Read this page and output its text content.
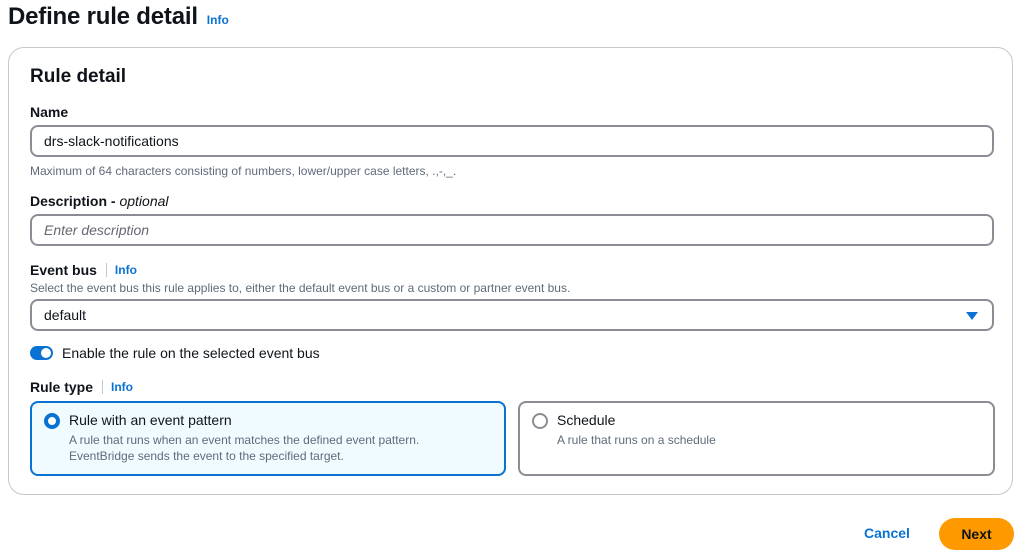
Define rule detail Info
Rule detail
Name
drs-slack-notifications
Maximum of 64 characters consisting of numbers, lower/upper case letters, .,-,_.
Description - optional
Enter description
Event bus Info
Select the event bus this rule applies to, either the default event bus or a custom or partner event bus.
default
Enable the rule on the selected event bus
Rule type Info
Rule with an event pattern
A rule that runs when an event matches the defined event pattern.
EventBridge sends the event to the specified target.
Schedule
A rule that runs on a schedule
Cancel	Next
